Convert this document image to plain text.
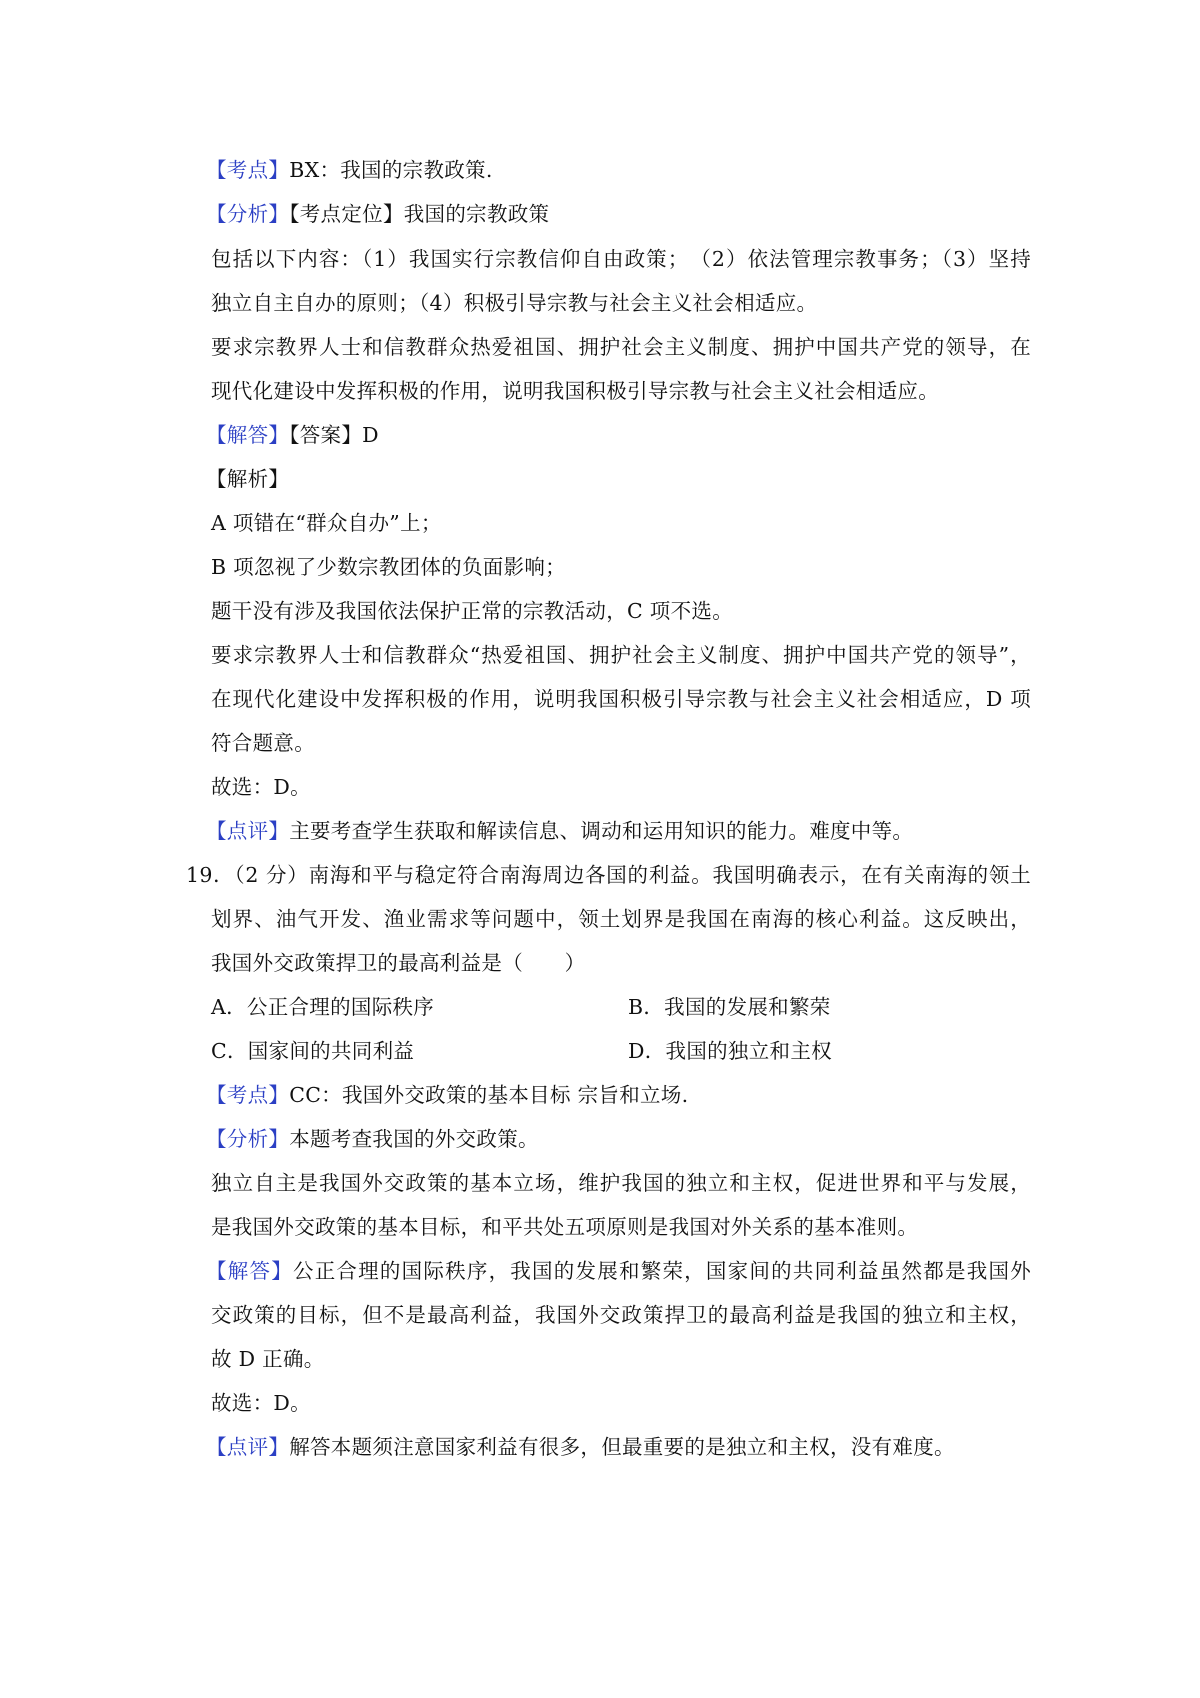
【考点】BX：我国的宗教政策.
【分析】【考点定位】我国的宗教政策
包括以下内容：（1）我国实行宗教信仰自由政策；　（2）依法管理宗教事务；（3）坚持
独立自主自办的原则；（4）积极引导宗教与社会主义社会相适应。
要求宗教界人士和信教群众热爱祖国、拥护社会主义制度、拥护中国共产党的领导，在
现代化建设中发挥积极的作用，说明我国积极引导宗教与社会主义社会相适应。
【解答】【答案】D
【解析】
A 项错在“群众自办”上；
B 项忽视了少数宗教团体的负面影响；
题干没有涉及我国依法保护正常的宗教活动，C 项不选。
要求宗教界人士和信教群众“热爱祖国、拥护社会主义制度、拥护中国共产党的领导”，
在现代化建设中发挥积极的作用，说明我国积极引导宗教与社会主义社会相适应，D 项
符合题意。
故选：D。
【点评】主要考查学生获取和解读信息、调动和运用知识的能力。难度中等。
19．（2 分）南海和平与稳定符合南海周边各国的利益。我国明确表示，在有关南海的领土
划界、油气开发、渔业需求等问题中，领土划界是我国在南海的核心利益。这反映出，
我国外交政策捍卫的最高利益是（　　）
A．公正合理的国际秩序	B．我国的发展和繁荣
C．国家间的共同利益	D．我国的独立和主权
【考点】CC：我国外交政策的基本目标 宗旨和立场.
【分析】本题考查我国的外交政策。
独立自主是我国外交政策的基本立场，维护我国的独立和主权，促进世界和平与发展，
是我国外交政策的基本目标，和平共处五项原则是我国对外关系的基本准则。
【解答】公正合理的国际秩序，我国的发展和繁荣，国家间的共同利益虽然都是我国外
交政策的目标，但不是最高利益，我国外交政策捍卫的最高利益是我国的独立和主权，
故 D 正确。
故选：D。
【点评】解答本题须注意国家利益有很多，但最重要的是独立和主权，没有难度。
